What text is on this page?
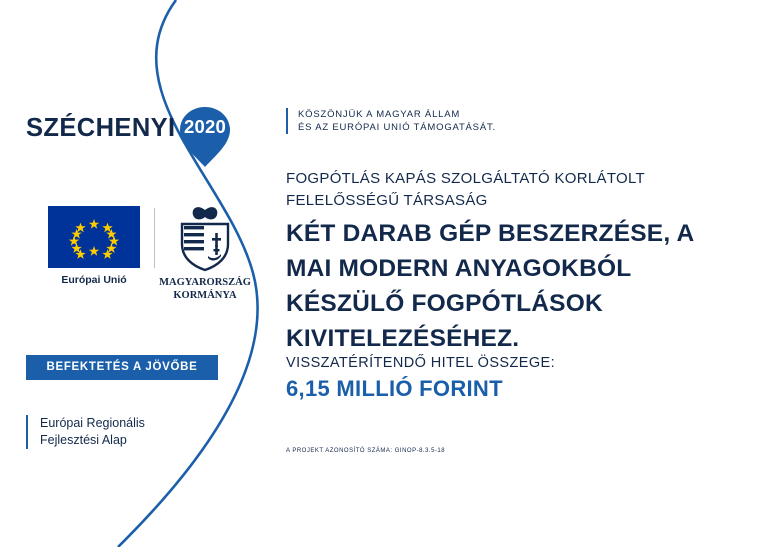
SZÉCHENYI 2020
Európai Unió	MAGYARORSZÁG
KORMÁNYA
BEFEKTETÉS A JÖVŐBE
Európai Regionális
Fejlesztési Alap
KÖSZÖNJÜK A MAGYAR ÁLLAM
ÉS AZ EURÓPAI UNIÓ TÁMOGATÁSÁT.
FOGPÓTLÁS KAPÁS SZOLGÁLTATÓ KORLÁTOLT
FELELŐSSÉGŰ TÁRSASÁG
KÉT DARAB GÉP BESZERZÉSE, A
MAI MODERN ANYAGOKBÓL
KÉSZÜLŐ FOGPÓTLÁSOK
KIVITELEZÉSÉHEZ.
VISSZATÉRÍTENDŐ HITEL ÖSSZEGE:
6,15 MILLIÓ FORINT
A PROJEKT AZONOSÍTÓ SZÁMA: GINOP-8.3.5-18
